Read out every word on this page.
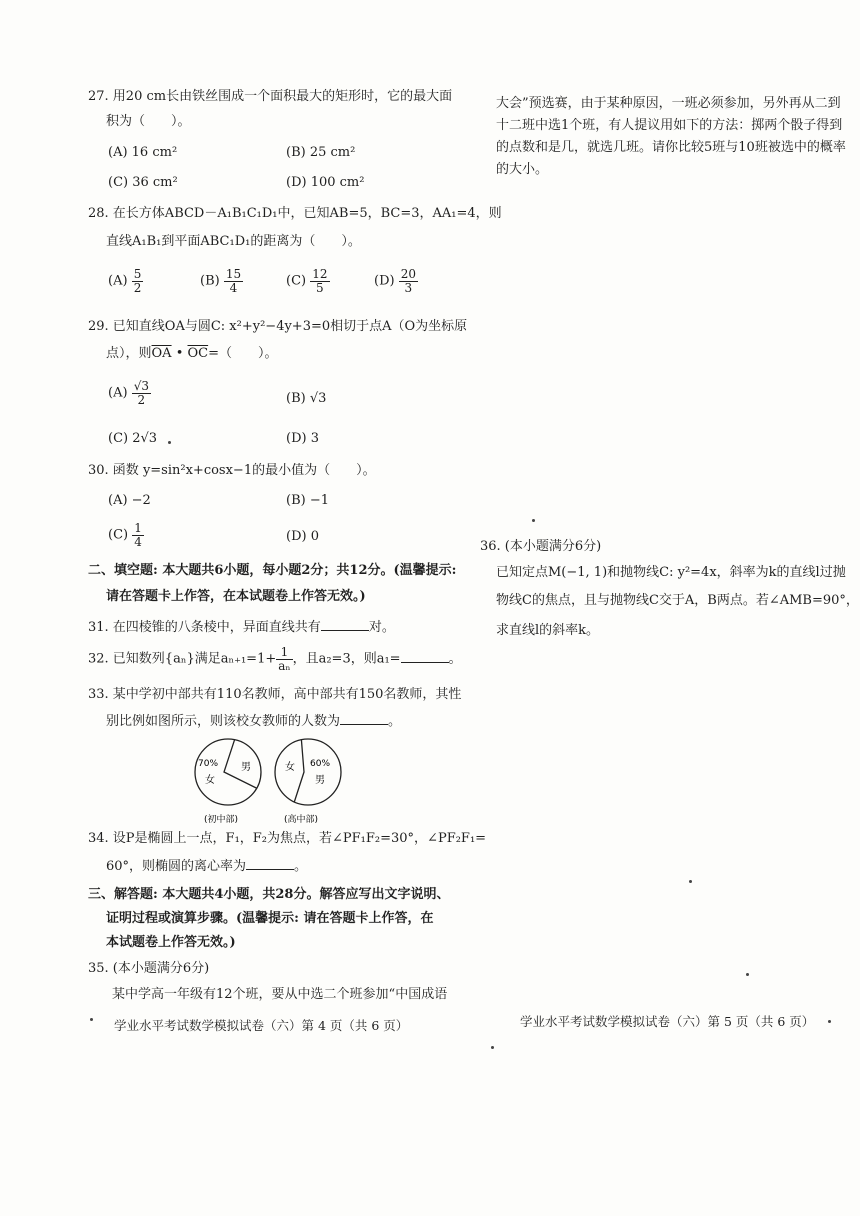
27. 用20 cm长由铁丝围成一个面积最大的矩形时，它的最大面
积为（　　）。
(A) 16 cm²	(B) 25 cm²
(C) 36 cm²	(D) 100 cm²
28. 在长方体ABCD－A₁B₁C₁D₁中，已知AB=5，BC=3，AA₁=4，则
直线A₁B₁到平面ABC₁D₁的距离为（　　）。
$(A) \frac{5}{2}$	$(B) \frac{15}{4}$	$(C) \frac{12}{5}$	$(D) \frac{20}{3}$
29. 已知直线OA与圆C: x²+y²−4y+3=0相切于点A（O为坐标原
点），则$\overline{OA}$ • $\overline{OC}=$（　　）。
$(A) \frac{√3}{2}$	(B) √3
(C) 2√3	(D) 3
30. 函数 y=sin²x+cosx−1的最小值为（　　）。
(A) −2	(B) −1
$(C) \frac{1}{4}$	(D) 0
二、填空题: 本大题共6小题，每小题2分；共12分。(温馨提示:
请在答题卡上作答，在本试题卷上作答无效。)
31. 在四棱锥的八条棱中，异面直线共有	对。
32. 已知数列{aₙ}满足$a_{n+1}=1+ \frac{1}{\text{aₙ}}$ ，且a₂=3，则a₁=	。
33. 某中学初中部共有110名教师，高中部共有150名教师，其性
别比例如图所示，则该校女教师的人数为	。
70%
女
男
(初中部)
女 60%
男
(高中部)
34. 设P是椭圆上一点，F₁，F₂为焦点，若∠PF₁F₂=30°，∠PF₂F₁=
60°，则椭圆的离心率为	。
三、解答题: 本大题共4小题，共28分。解答应写出文字说明、
证明过程或演算步骤。(温馨提示: 请在答题卡上作答，在
本试题卷上作答无效。)
35. (本小题满分6分)
某中学高一年级有12个班，要从中选二个班参加“中国成语
学业水平考试数学模拟试卷（六）第 4 页（共 6 页）
大会”预选赛，由于某种原因，一班必须参加，另外再从二到
十二班中选1个班，有人提议用如下的方法：掷两个骰子得到
的点数和是几，就选几班。请你比较5班与10班被选中的概率
的大小。
36. (本小题满分6分)
已知定点M(−1, 1)和抛物线C: y²=4x，斜率为k的直线l过抛
物线C的焦点，且与抛物线C交于A，B两点。若∠AMB=90°，
求直线l的斜率k。
学业水平考试数学模拟试卷（六）第 5 页（共 6 页）
